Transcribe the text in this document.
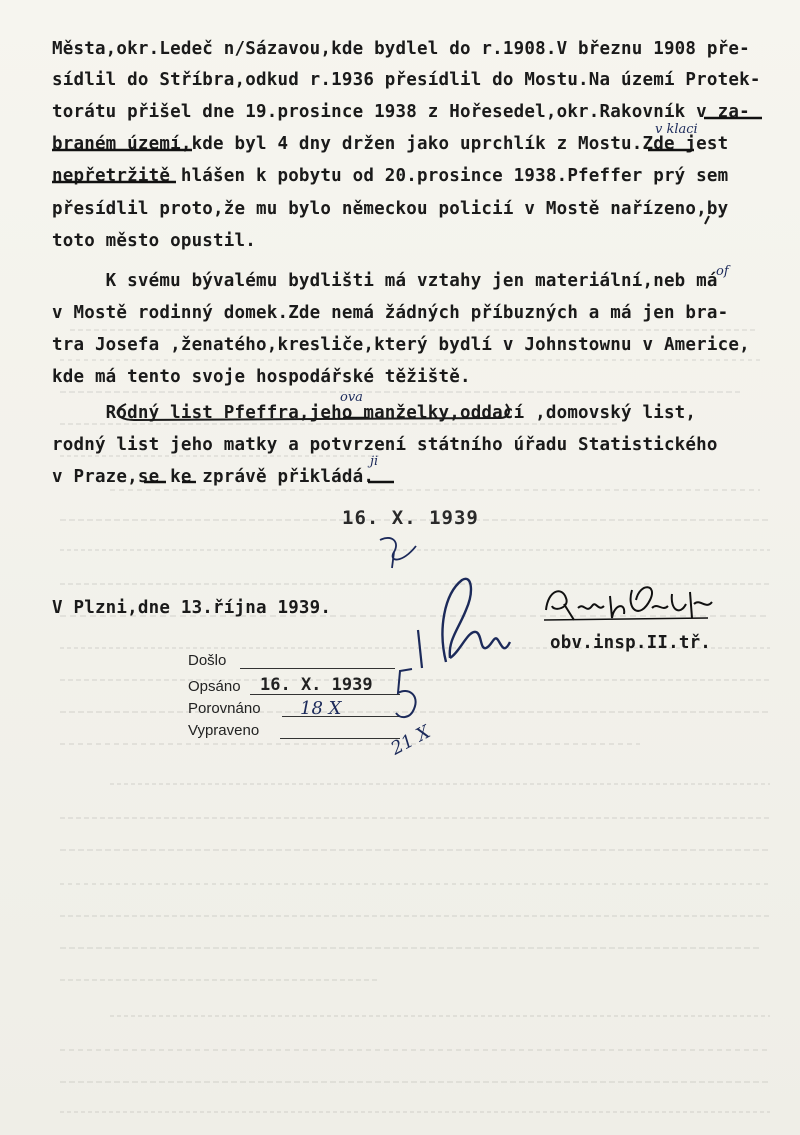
Města,okr.Ledeč n/Sázavou,kde bydlel do r.1908.V březnu 1908 pře-
sídlil do Stříbra,odkud r.1936 přesídlil do Mostu.Na území Protek-
torátu přišel dne 19.prosince 1938 z Hořesedel,okr.Rakovník v za-
braném území,kde byl 4 dny držen jako uprchlík z Mostu.Zde jest
nepřetržitě hlášen k pobytu od 20.prosince 1938.Pfeffer prý sem
přesídlil proto,že mu bylo německou policií v Mostě nařízeno,by
toto město opustil.
K svému bývalému bydlišti má vztahy jen materiální,neb má
v Mostě rodinný domek.Zde nemá žádných příbuzných a má jen bra-
tra Josefa ,ženatého,kresliče,který bydlí v Johnstownu v Americe,
kde má tento svoje hospodářské těžiště.
Rodný list Pfeffra,jeho manželky,oddací ,domovský list,
rodný list jeho matky a potvrzení státního úřadu Statistického
v Praze,se ke zprávě přikládá.
v klaci
ova
of
ji
16. X. 1939
V Plzni,dne 13.října 1939.
obv.insp.II.tř.
Došlo
Opsáno 16. X. 1939
Porovnáno 18 X
Vypraveno	21 X
